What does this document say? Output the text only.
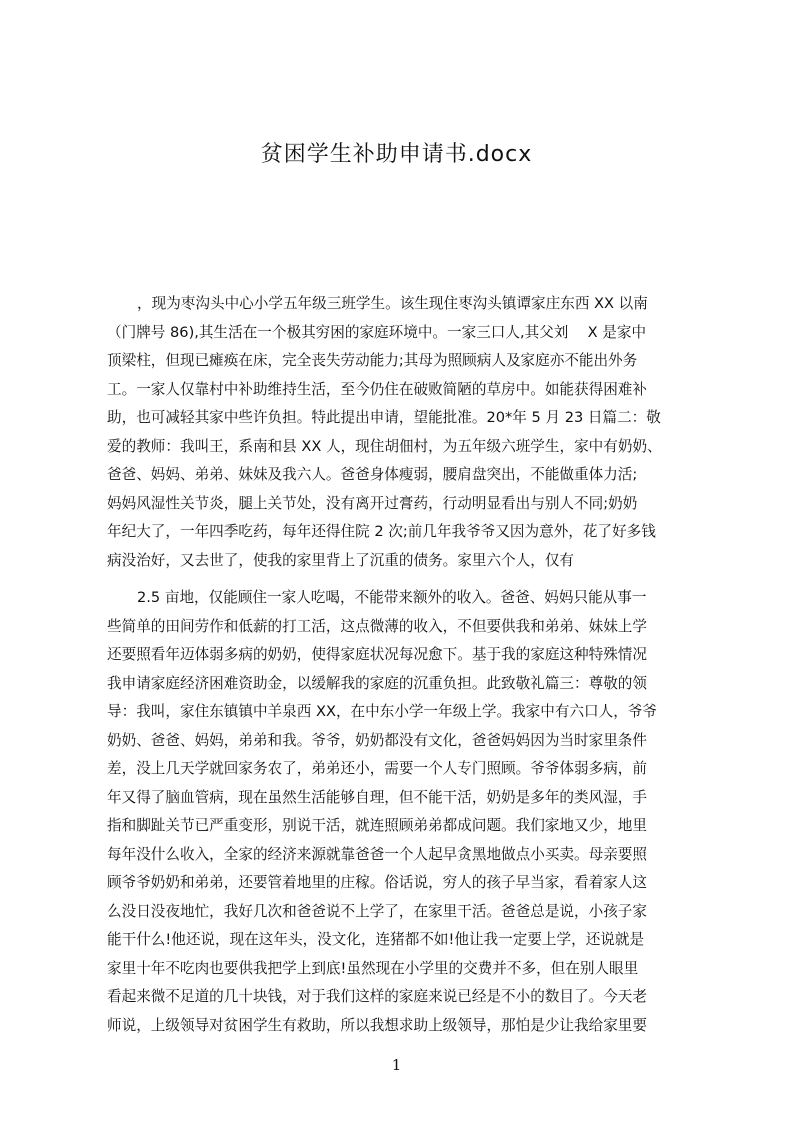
贫困学生补助申请书.docx
，现为枣沟头中心小学五年级三班学生。该生现住枣沟头镇谭家庄东西 XX 以南
（门牌号 86),其生活在一个极其穷困的家庭环境中。一家三口人,其父刘　 X 是家中
顶梁柱，但现已瘫痪在床，完全丧失劳动能力;其母为照顾病人及家庭亦不能出外务
工。一家人仅靠村中补助维持生活，至今仍住在破败简陋的草房中。如能获得困难补
助，也可减轻其家中些许负担。特此提出申请，望能批准。20*年 5 月 23 日篇二：敬
爱的教师：我叫王，系南和县 XX 人，现住胡佃村，为五年级六班学生，家中有奶奶、
爸爸、妈妈、弟弟、妹妹及我六人。爸爸身体瘦弱，腰肩盘突出，不能做重体力活;
妈妈风湿性关节炎，腿上关节处，没有离开过膏药，行动明显看出与别人不同;奶奶
年纪大了，一年四季吃药，每年还得住院 2 次;前几年我爷爷又因为意外，花了好多钱
病没治好，又去世了，使我的家里背上了沉重的债务。家里六个人，仅有
2.5 亩地，仅能顾住一家人吃喝，不能带来额外的收入。爸爸、妈妈只能从事一
些简单的田间劳作和低薪的打工活，这点微薄的收入，不但要供我和弟弟、妹妹上学
还要照看年迈体弱多病的奶奶，使得家庭状况每况愈下。基于我的家庭这种特殊情况
我申请家庭经济困难资助金，以缓解我的家庭的沉重负担。此致敬礼篇三：尊敬的领
导：我叫，家住东镇镇中羊泉西 XX，在中东小学一年级上学。我家中有六口人，爷爷
奶奶、爸爸、妈妈，弟弟和我。爷爷，奶奶都没有文化，爸爸妈妈因为当时家里条件
差，没上几天学就回家务农了，弟弟还小，需要一个人专门照顾。爷爷体弱多病，前
年又得了脑血管病，现在虽然生活能够自理，但不能干活，奶奶是多年的类风湿，手
指和脚趾关节已严重变形，别说干活，就连照顾弟弟都成问题。我们家地又少，地里
每年没什么收入，全家的经济来源就靠爸爸一个人起早贪黑地做点小买卖。母亲要照
顾爷爷奶奶和弟弟，还要管着地里的庄稼。俗话说，穷人的孩子早当家，看着家人这
么没日没夜地忙，我好几次和爸爸说不上学了，在家里干活。爸爸总是说，小孩子家
能干什么!他还说，现在这年头，没文化，连猪都不如!他让我一定要上学，还说就是
家里十年不吃肉也要供我把学上到底!虽然现在小学里的交费并不多，但在别人眼里
看起来微不足道的几十块钱，对于我们这样的家庭来说已经是不小的数目了。今天老
师说，上级领导对贫困学生有救助，所以我想求助上级领导，那怕是少让我给家里要
1
